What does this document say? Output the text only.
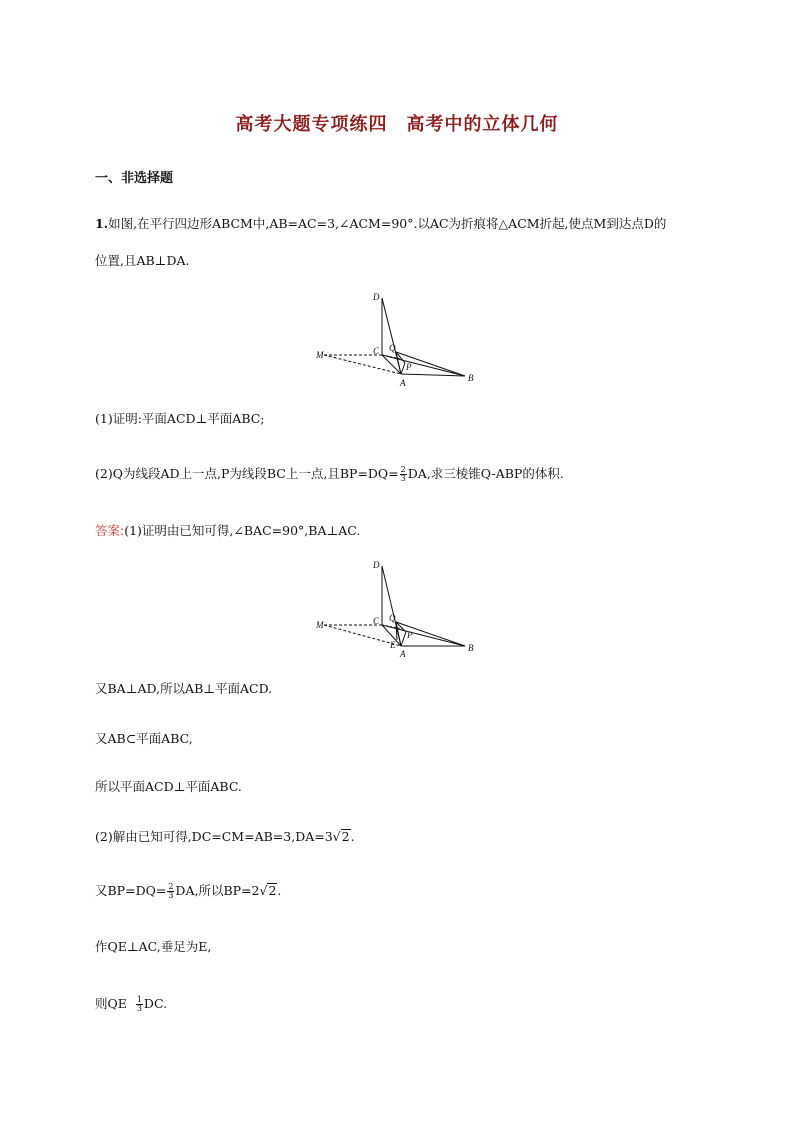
高考大题专项练四　高考中的立体几何
一、非选择题
1.如图,在平行四边形ABCM中,AB=AC=3,∠ACM=90°.以AC为折痕将△ACM折起,使点M到达点D的
位置,且AB⊥DA.
D
C Q
M
P
A	B
(1)证明:平面ACD⊥平面ABC;
(2)Q为线段AD上一点,P为线段BC上一点,且$BP=DQ= \frac{2}{3}$ DA,求三棱锥Q-ABP的体积.
答案:(1)证明由已知可得,∠BAC=90°,BA⊥AC.
D
C Q
M
P
E
A
B
又BA⊥AD,所以AB⊥平面ACD.
又AB⊂平面ABC,
所以平面ACD⊥平面ABC.
(2)解由已知可得,DC=CM=AB=3,DA=3√2.
又$BP=DQ= \frac{2}{3}$ DA,所以BP=2√2.
作QE⊥AC,垂足为E,
则QE $\frac{1}{3}$ DC.
